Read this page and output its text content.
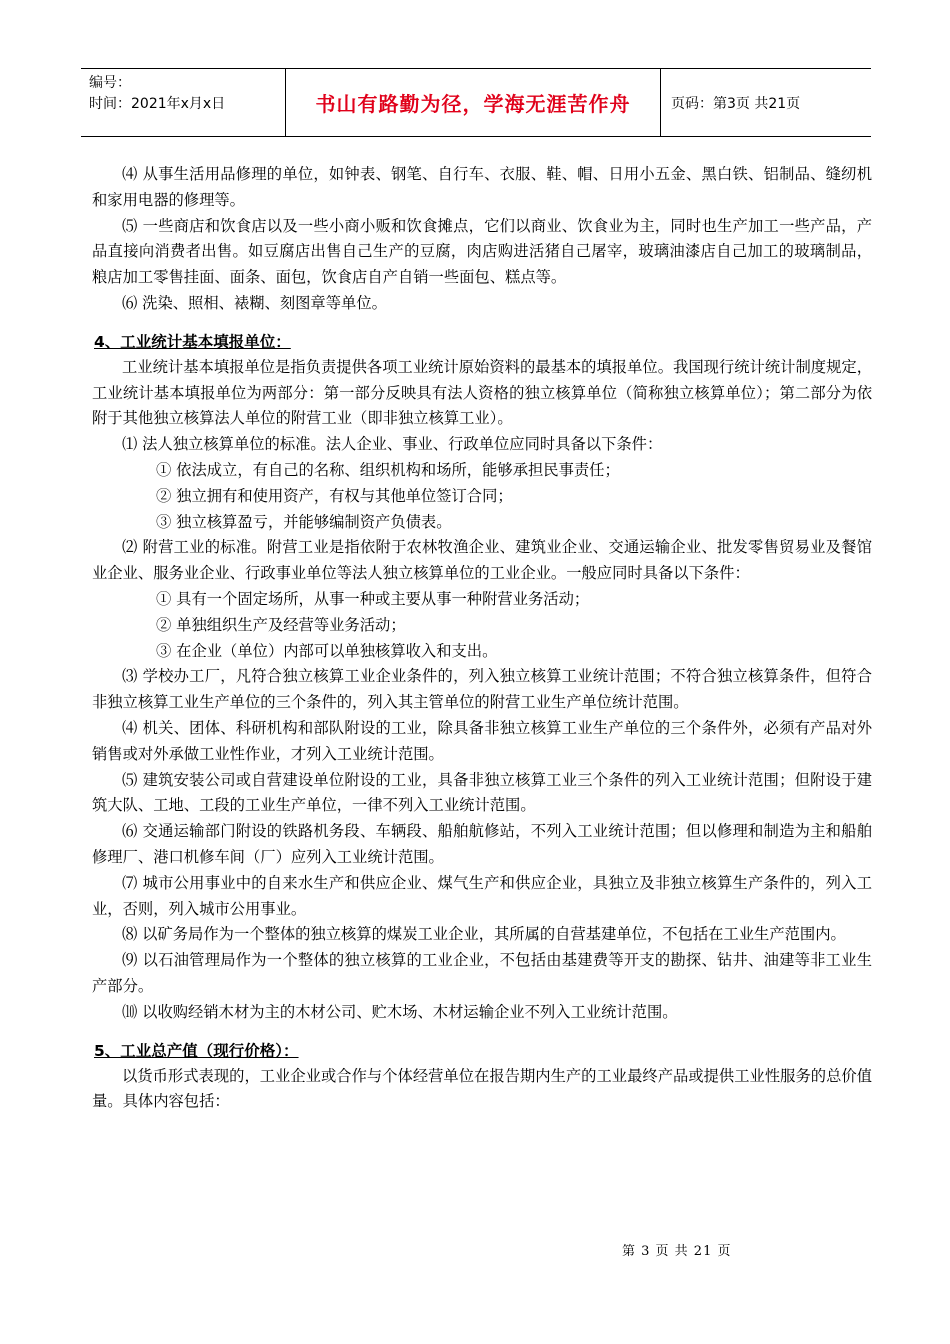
编号：
时间：2021年x月x日	书山有路勤为径，学海无涯苦作舟	页码：第3页 共21页

⑷ 从事生活用品修理的单位，如钟表、钢笔、自行车、衣服、鞋、帽、日用小五金、黑白铁、铝制品、缝纫机和家用电器的修理等。

⑸ 一些商店和饮食店以及一些小商小贩和饮食摊点，它们以商业、饮食业为主，同时也生产加工一些产品，产品直接向消费者出售。如豆腐店出售自己生产的豆腐，肉店购进活猪自己屠宰，玻璃油漆店自己加工的玻璃制品，粮店加工零售挂面、面条、面包，饮食店自产自销一些面包、糕点等。

⑹ 洗染、照相、裱糊、刻图章等单位。

4、工业统计基本填报单位：

工业统计基本填报单位是指负责提供各项工业统计原始资料的最基本的填报单位。我国现行统计统计制度规定，工业统计基本填报单位为两部分：第一部分反映具有法人资格的独立核算单位（简称独立核算单位）；第二部分为依附于其他独立核算法人单位的附营工业（即非独立核算工业）。

⑴ 法人独立核算单位的标准。法人企业、事业、行政单位应同时具备以下条件：

① 依法成立，有自己的名称、组织机构和场所，能够承担民事责任；

② 独立拥有和使用资产，有权与其他单位签订合同；

③ 独立核算盈亏，并能够编制资产负债表。

⑵ 附营工业的标准。附营工业是指依附于农林牧渔企业、建筑业企业、交通运输企业、批发零售贸易业及餐馆业企业、服务业企业、行政事业单位等法人独立核算单位的工业企业。一般应同时具备以下条件：

① 具有一个固定场所，从事一种或主要从事一种附营业务活动；

② 单独组织生产及经营等业务活动；

③ 在企业（单位）内部可以单独核算收入和支出。

⑶ 学校办工厂，凡符合独立核算工业企业条件的，列入独立核算工业统计范围；不符合独立核算条件，但符合非独立核算工业生产单位的三个条件的，列入其主管单位的附营工业生产单位统计范围。

⑷ 机关、团体、科研机构和部队附设的工业，除具备非独立核算工业生产单位的三个条件外，必须有产品对外销售或对外承做工业性作业，才列入工业统计范围。

⑸ 建筑安装公司或自营建设单位附设的工业，具备非独立核算工业三个条件的列入工业统计范围；但附设于建筑大队、工地、工段的工业生产单位，一律不列入工业统计范围。

⑹ 交通运输部门附设的铁路机务段、车辆段、船舶航修站，不列入工业统计范围；但以修理和制造为主和船舶修理厂、港口机修车间（厂）应列入工业统计范围。

⑺ 城市公用事业中的自来水生产和供应企业、煤气生产和供应企业，具独立及非独立核算生产条件的，列入工业，否则，列入城市公用事业。

⑻ 以矿务局作为一个整体的独立核算的煤炭工业企业，其所属的自营基建单位，不包括在工业生产范围内。

⑼ 以石油管理局作为一个整体的独立核算的工业企业，不包括由基建费等开支的勘探、钻井、油建等非工业生产部分。

⑽ 以收购经销木材为主的木材公司、贮木场、木材运输企业不列入工业统计范围。

5、工业总产值（现行价格）：

以货币形式表现的，工业企业或合作与个体经营单位在报告期内生产的工业最终产品或提供工业性服务的总价值量。具体内容包括：

第 3 页 共 21 页
